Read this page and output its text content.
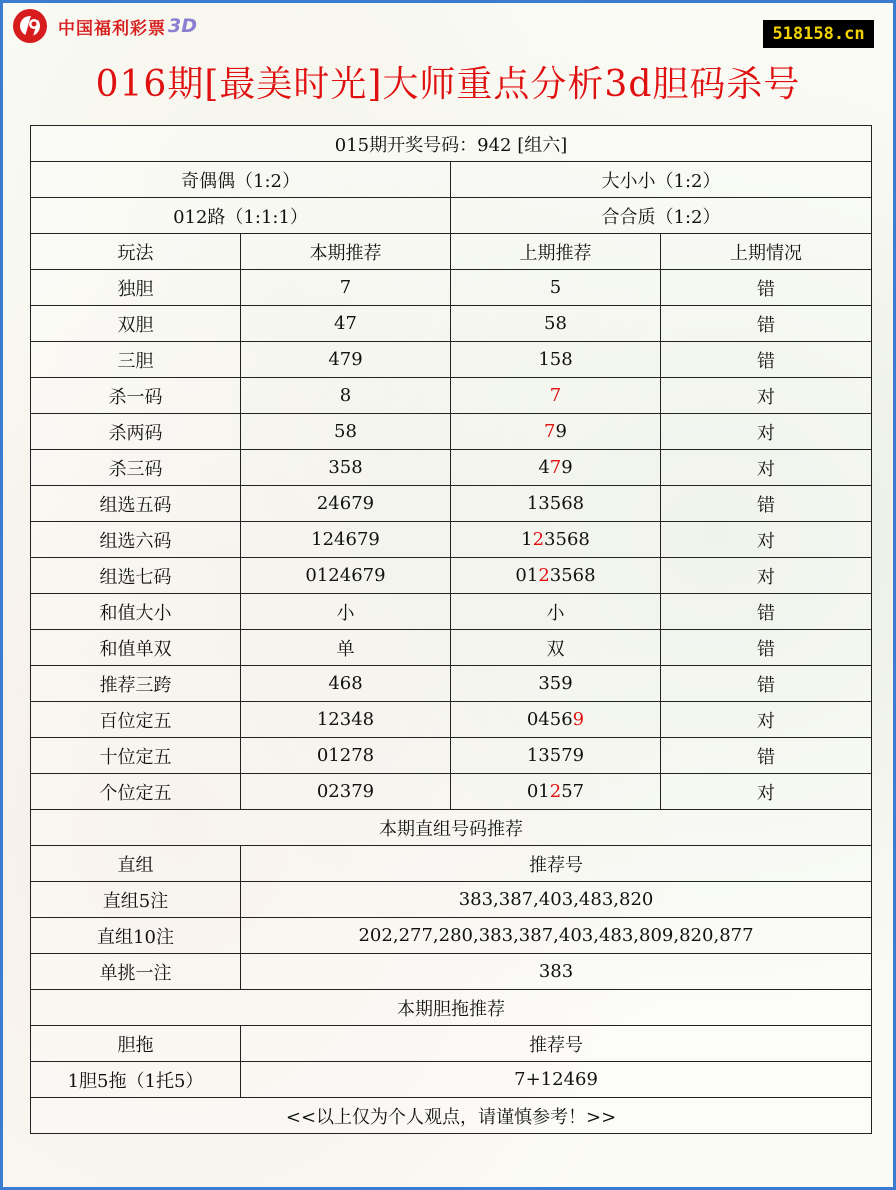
中国福利彩票 3D	518158.cn
016期[最美时光]大师重点分析3d胆码杀号
015期开奖号码：942 [组六]			
奇偶偶（1:2）		大小小（1:2）	
012路（1:1:1）		合合质（1:2）	
玩法	本期推荐	上期推荐	上期情况
独胆	7	5	错
双胆	47	58	错
三胆	479	158	错
杀一码	8	7	对
杀两码	58	79	对
杀三码	358	479	对
组选五码	24679	13568	错
组选六码	124679	123568	对
组选七码	0124679	0123568	对
和值大小	小	小	错
和值单双	单	双	错
推荐三跨	468	359	错
百位定五	12348	04569	对
十位定五	01278	13579	错
个位定五	02379	01257	对
本期直组号码推荐			
直组	推荐号		
直组5注	383,387,403,483,820		
直组10注	202,277,280,383,387,403,483,809,820,877		
单挑一注	383		
本期胆拖推荐			
胆拖	推荐号		
1胆5拖（1托5）	7+12469		
<<以上仅为个人观点，请谨慎参考！>>			
